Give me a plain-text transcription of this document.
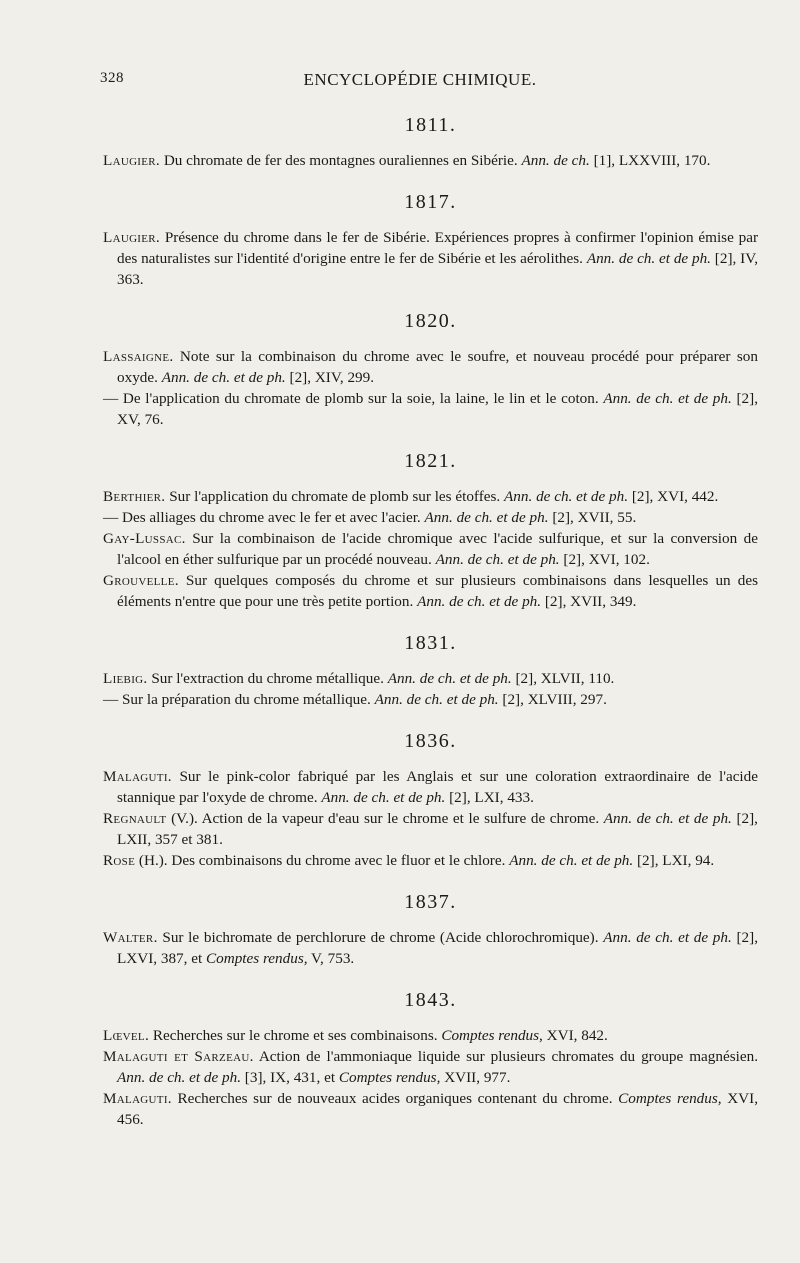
328	ENCYCLOPÉDIE CHIMIQUE.
1811.

Laugier. Du chromate de fer des montagnes ouraliennes en Sibérie. Ann. de ch. [1], LXXVIII, 170.

1817.

Laugier. Présence du chrome dans le fer de Sibérie. Expériences propres à confirmer l'opinion émise par des naturalistes sur l'identité d'origine entre le fer de Sibérie et les aérolithes. Ann. de ch. et de ph. [2], IV, 363.

1820.

Lassaigne. Note sur la combinaison du chrome avec le soufre, et nouveau procédé pour préparer son oxyde. Ann. de ch. et de ph. [2], XIV, 299.

— De l'application du chromate de plomb sur la soie, la laine, le lin et le coton. Ann. de ch. et de ph. [2], XV, 76.

1821.

Berthier. Sur l'application du chromate de plomb sur les étoffes. Ann. de ch. et de ph. [2], XVI, 442.

— Des alliages du chrome avec le fer et avec l'acier. Ann. de ch. et de ph. [2], XVII, 55.

Gay-Lussac. Sur la combinaison de l'acide chromique avec l'acide sulfurique, et sur la conversion de l'alcool en éther sulfurique par un procédé nouveau. Ann. de ch. et de ph. [2], XVI, 102.

Grouvelle. Sur quelques composés du chrome et sur plusieurs combinaisons dans lesquelles un des éléments n'entre que pour une très petite portion. Ann. de ch. et de ph. [2], XVII, 349.

1831.

Liebig. Sur l'extraction du chrome métallique. Ann. de ch. et de ph. [2], XLVII, 110.

— Sur la préparation du chrome métallique. Ann. de ch. et de ph. [2], XLVIII, 297.

1836.

Malaguti. Sur le pink-color fabriqué par les Anglais et sur une coloration extraordinaire de l'acide stannique par l'oxyde de chrome. Ann. de ch. et de ph. [2], LXI, 433.

Regnault (V.). Action de la vapeur d'eau sur le chrome et le sulfure de chrome. Ann. de ch. et de ph. [2], LXII, 357 et 381.

Rose (H.). Des combinaisons du chrome avec le fluor et le chlore. Ann. de ch. et de ph. [2], LXI, 94.

1837.

Walter. Sur le bichromate de perchlorure de chrome (Acide chlorochromique). Ann. de ch. et de ph. [2], LXVI, 387, et Comptes rendus, V, 753.

1843.

Lœvel. Recherches sur le chrome et ses combinaisons. Comptes rendus, XVI, 842.

Malaguti et Sarzeau. Action de l'ammoniaque liquide sur plusieurs chromates du groupe magnésien. Ann. de ch. et de ph. [3], IX, 431, et Comptes rendus, XVII, 977.

Malaguti. Recherches sur de nouveaux acides organiques contenant du chrome. Comptes rendus, XVI, 456.
